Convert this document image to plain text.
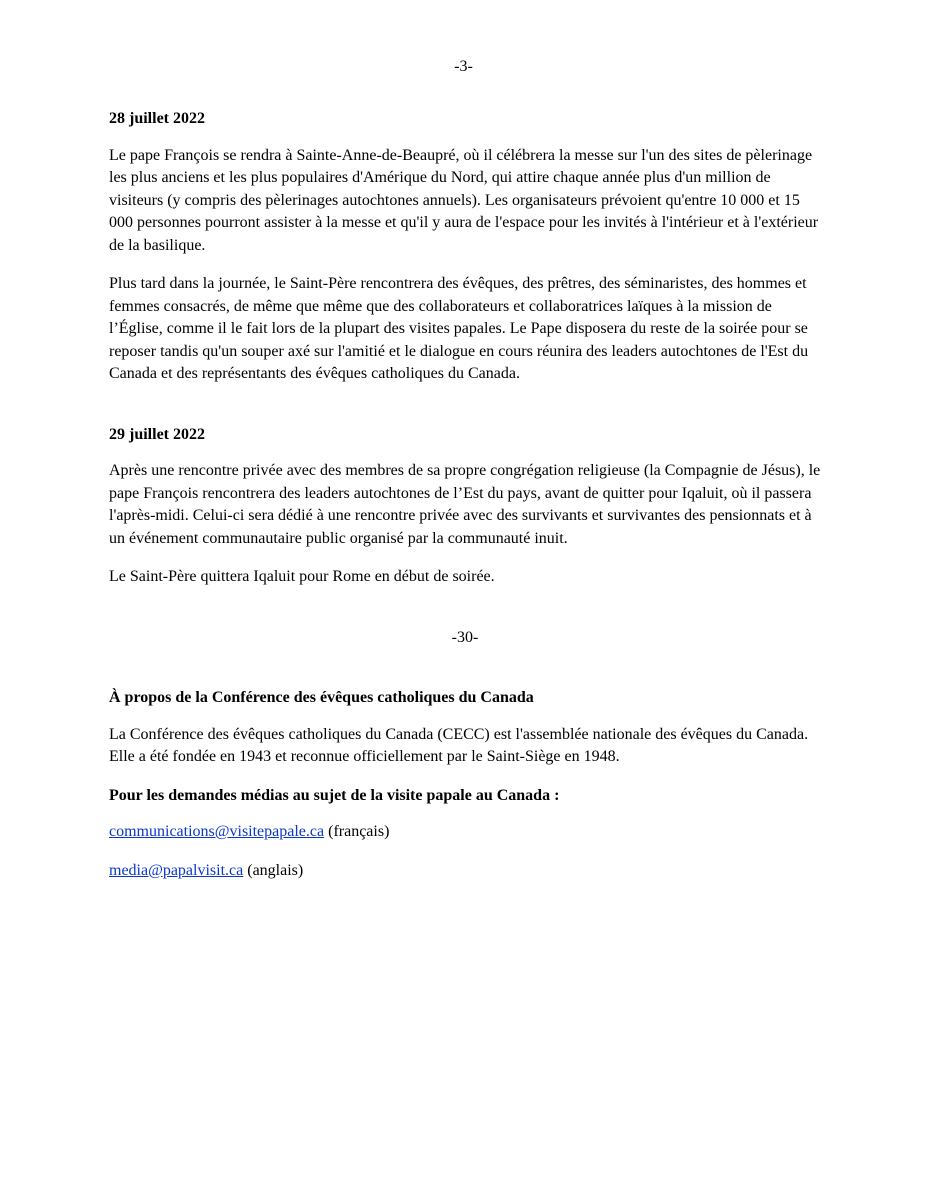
-3-
28 juillet 2022

Le pape François se rendra à Sainte-Anne-de-Beaupré, où il célébrera la messe sur l'un des sites de pèlerinage les plus anciens et les plus populaires d'Amérique du Nord, qui attire chaque année plus d'un million de visiteurs (y compris des pèlerinages autochtones annuels). Les organisateurs prévoient qu'entre 10 000 et 15 000 personnes pourront assister à la messe et qu'il y aura de l'espace pour les invités à l'intérieur et à l'extérieur de la basilique.

Plus tard dans la journée, le Saint-Père rencontrera des évêques, des prêtres, des séminaristes, des hommes et femmes consacrés, de même que même que des collaborateurs et collaboratrices laïques à la mission de l’Église, comme il le fait lors de la plupart des visites papales. Le Pape disposera du reste de la soirée pour se reposer tandis qu'un souper axé sur l'amitié et le dialogue en cours réunira des leaders autochtones de l'Est du Canada et des représentants des évêques catholiques du Canada.

29 juillet 2022

Après une rencontre privée avec des membres de sa propre congrégation religieuse (la Compagnie de Jésus), le pape François rencontrera des leaders autochtones de l’Est du pays, avant de quitter pour Iqaluit, où il passera l'après-midi. Celui-ci sera dédié à une rencontre privée avec des survivants et survivantes des pensionnats et à un événement communautaire public organisé par la communauté inuit.

Le Saint-Père quittera Iqaluit pour Rome en début de soirée.

-30-
À propos de la Conférence des évêques catholiques du Canada

La Conférence des évêques catholiques du Canada (CECC) est l'assemblée nationale des évêques du Canada. Elle a été fondée en 1943 et reconnue officiellement par le Saint-Siège en 1948.

Pour les demandes médias au sujet de la visite papale au Canada :

communications@visitepapale.ca (français)

media@papalvisit.ca (anglais)
